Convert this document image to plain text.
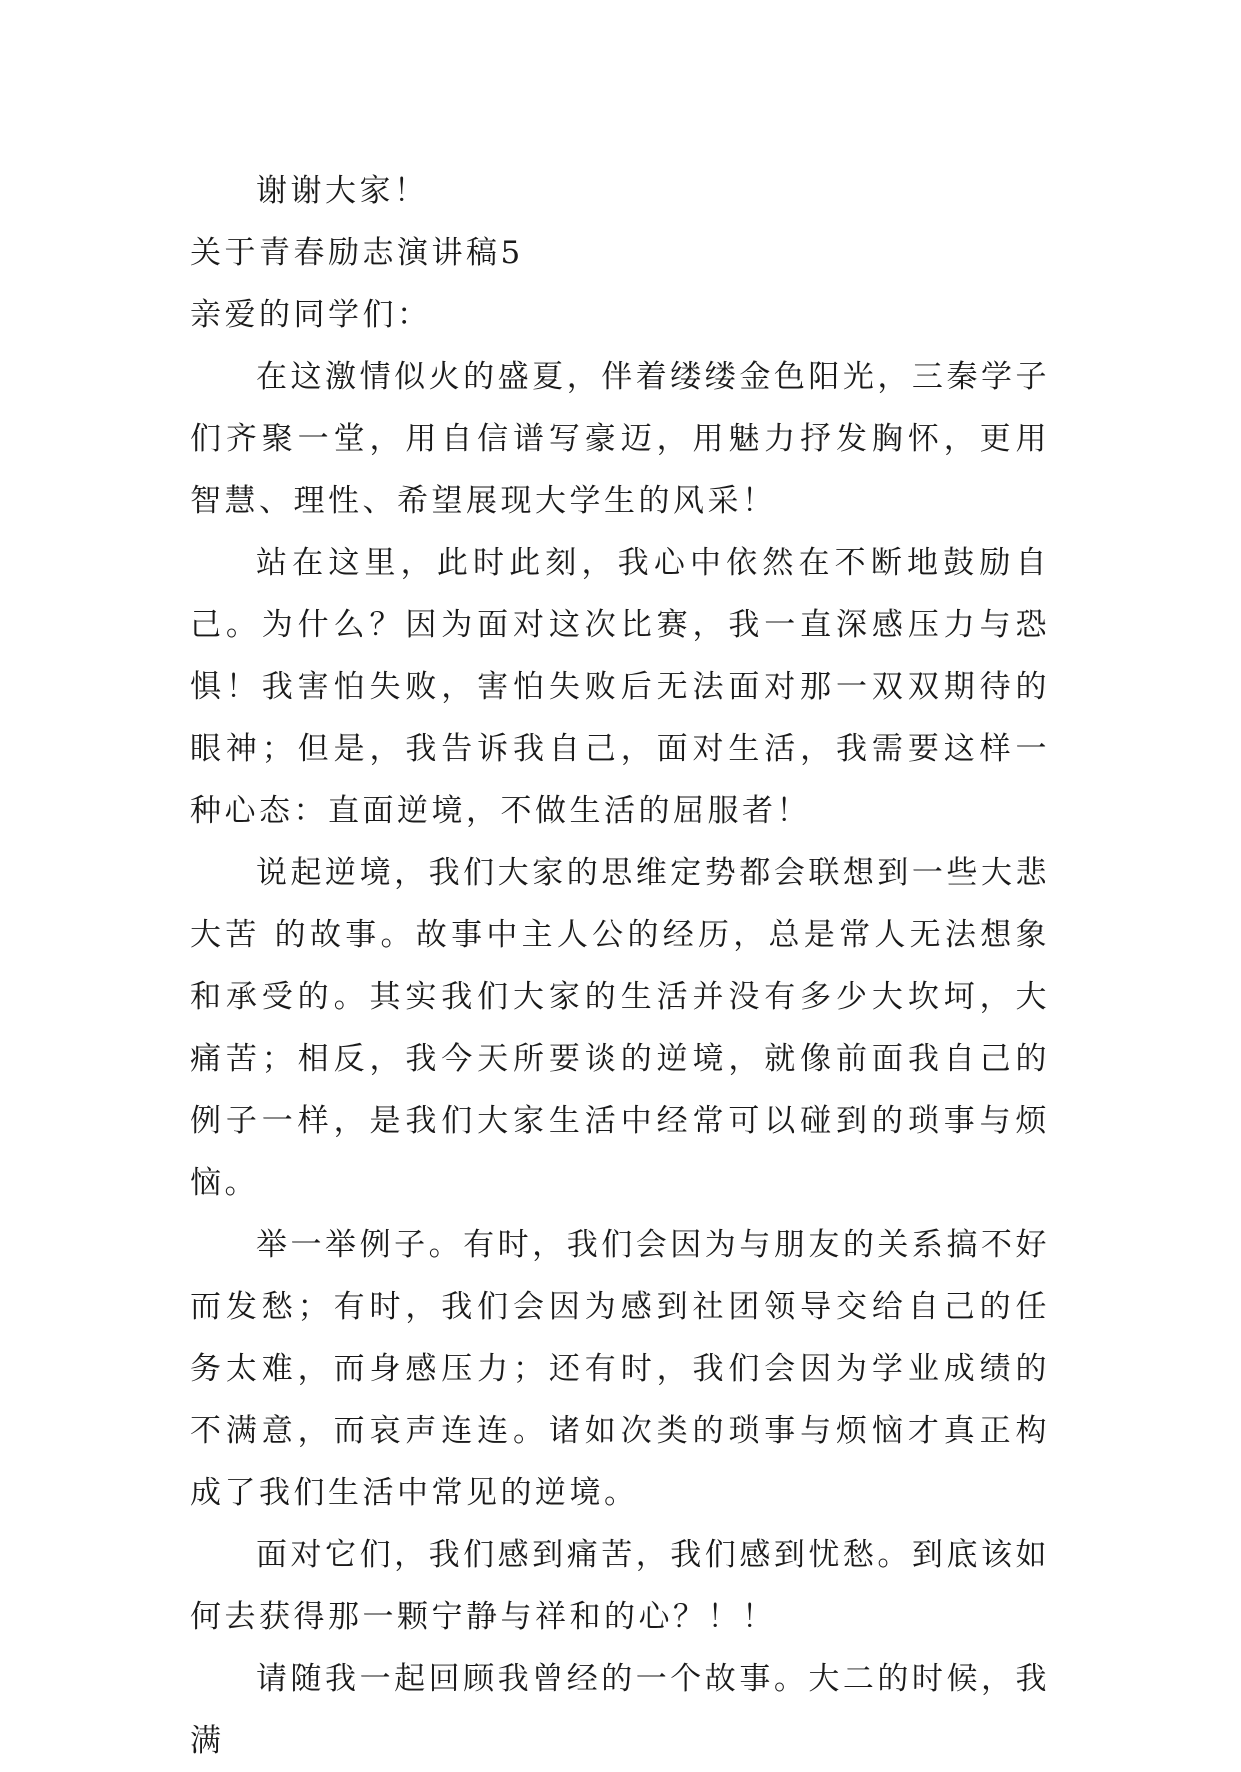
谢谢大家！

关于青春励志演讲稿5

亲爱的同学们：

在这激情似火的盛夏，伴着缕缕金色阳光，三秦学子们齐聚一堂，用自信谱写豪迈，用魅力抒发胸怀，更用智慧、理性、希望展现大学生的风采！

站在这里，此时此刻，我心中依然在不断地鼓励自己。为什么？因为面对这次比赛，我一直深感压力与恐惧！我害怕失败，害怕失败后无法面对那一双双期待的眼神；但是，我告诉我自己，面对生活，我需要这样一种心态：直面逆境，不做生活的屈服者！

说起逆境，我们大家的思维定势都会联想到一些大悲大苦 的故事。故事中主人公的经历，总是常人无法想象和承受的。其实我们大家的生活并没有多少大坎坷，大痛苦；相反，我今天所要谈的逆境，就像前面我自己的例子一样，是我们大家生活中经常可以碰到的琐事与烦恼。

举一举例子。有时，我们会因为与朋友的关系搞不好而发愁；有时，我们会因为感到社团领导交给自己的任务太难，而身感压力；还有时，我们会因为学业成绩的不满意，而哀声连连。诸如次类的琐事与烦恼才真正构成了我们生活中常见的逆境。

面对它们，我们感到痛苦，我们感到忧愁。到底该如何去获得那一颗宁静与祥和的心？！！

请随我一起回顾我曾经的一个故事。大二的时候，我满
